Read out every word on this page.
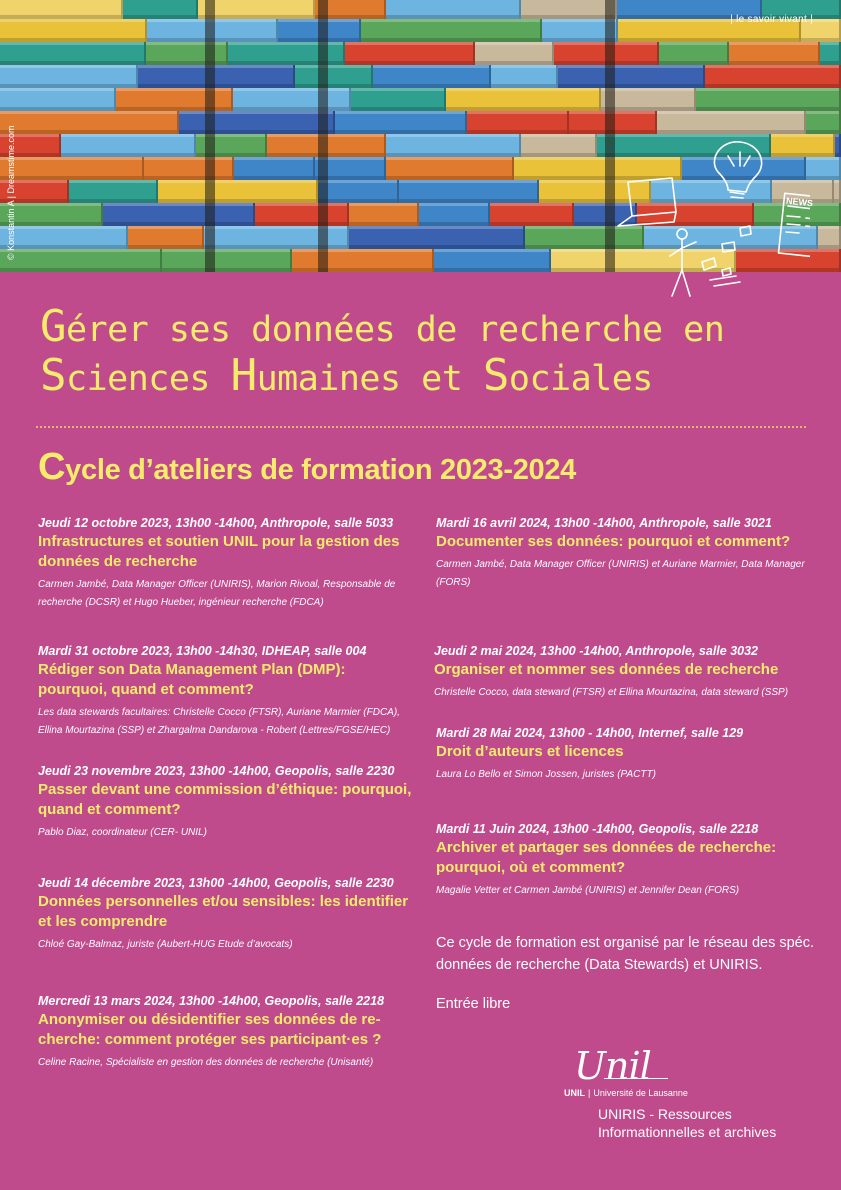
© Konstantin A | Dreamstime.com
| le savoir vivant |
NEWS
Gérer ses données de recherche en
Sciences Humaines et Sociales
Cycle d’ateliers de formation 2023-2024
Jeudi 12 octobre 2023, 13h00 -14h00, Anthropole, salle 5033
Infrastructures et soutien UNIL pour la gestion des données de recherche
Carmen Jambé, Data Manager Officer (UNIRIS), Marion Rivoal, Responsable de recherche (DCSR) et Hugo Hueber, ingénieur recherche (FDCA)
Mardi 31 octobre 2023, 13h00 -14h30, IDHEAP, salle 004
Rédiger son Data Management Plan (DMP): pourquoi, quand et comment?
Les data stewards facultaires: Christelle Cocco (FTSR), Auriane Marmier (FDCA), Ellina Mourtazina (SSP) et Zhargalma Dandarova - Robert (Lettres/FGSE/HEC)
Jeudi 23 novembre 2023, 13h00 -14h00, Geopolis, salle 2230
Passer devant une commission d’éthique: pourquoi, quand et comment?
Pablo Diaz, coordinateur (CER- UNIL)
Jeudi 14 décembre 2023, 13h00 -14h00, Geopolis, salle 2230
Données personnelles et/ou sensibles: les identifier et les comprendre
Chloé Gay-Balmaz, juriste (Aubert-HUG Etude d’avocats)
Mercredi 13 mars 2024, 13h00 -14h00, Geopolis, salle 2218
Anonymiser ou désidentifier ses données de re-cherche: comment protéger ses participant·es ?
Celine Racine, Spécialiste en gestion des données de recherche (Unisanté)
Mardi 16 avril 2024, 13h00 -14h00, Anthropole, salle 3021
Documenter ses données: pourquoi et comment?
Carmen Jambé, Data Manager Officer (UNIRIS) et Auriane Marmier, Data Manager (FORS)
Jeudi 2 mai 2024, 13h00 -14h00, Anthropole, salle 3032
Organiser et nommer ses données de recherche
Christelle Cocco, data steward (FTSR) et Ellina Mourtazina, data steward (SSP)
Mardi 28 Mai 2024, 13h00 - 14h00, Internef, salle 129
Droit d’auteurs et licences
Laura Lo Bello et Simon Jossen, juristes (PACTT)
Mardi 11 Juin 2024, 13h00 -14h00, Geopolis, salle 2218
Archiver et partager ses données de recherche: pourquoi, où et comment?
Magalie Vetter et Carmen Jambé (UNIRIS) et Jennifer Dean (FORS)
Ce cycle de formation est organisé par le réseau des spéc. données de recherche (Data Stewards) et UNIRIS.
Entrée libre
Unil
UNIL | Université de Lausanne
UNIRIS - Ressources
Informationnelles et archives
